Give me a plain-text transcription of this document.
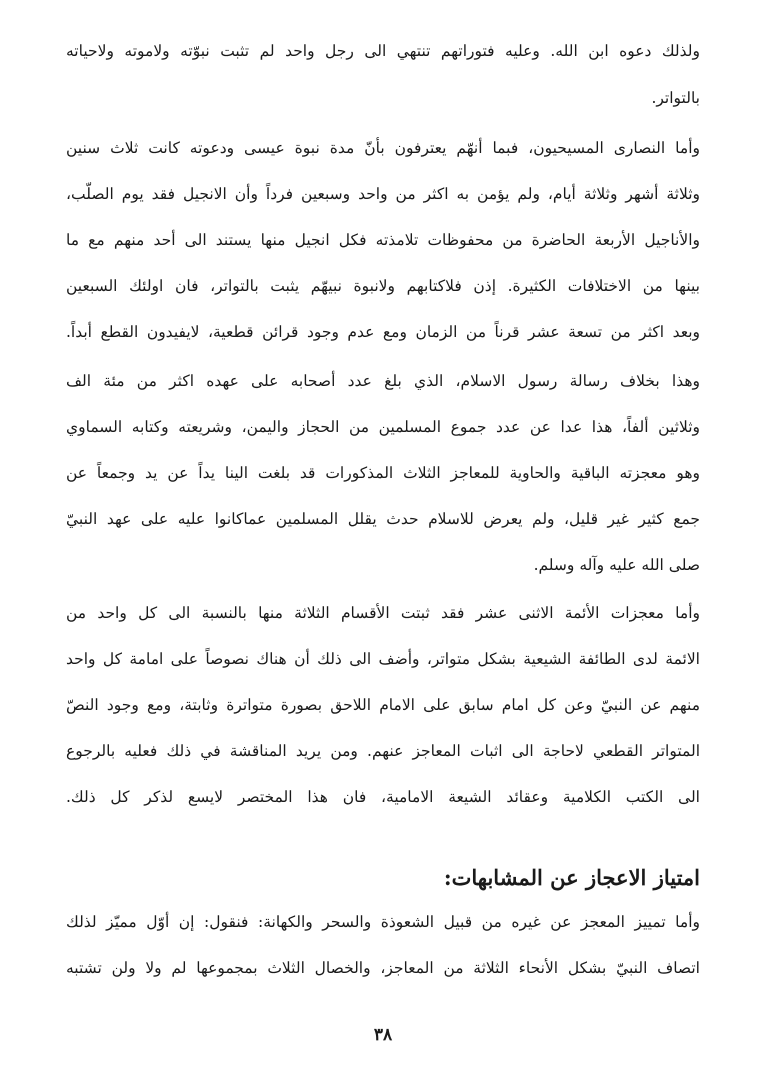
ولذلك دعوه ابن الله. وعليه فتوراتهم تنتهي الى رجل واحد لم تثبت نبوّته ولاموته ولاحياته
بالتواتر.
وأما النصارى المسيحيون، فبما أنهّم يعترفون بأنّ مدة نبوة عيسى ودعوته كانت ثلاث سنين
وثلاثة أشهر وثلاثة أيام، ولم يؤمن به اكثر من واحد وسبعين فرداً وأن الانجيل فقد يوم الصلّب،
والأناجيل الأربعة الحاضرة من محفوظات تلامذته فكل انجيل منها يستند الى أحد منهم مع ما
بينها من الاختلافات الكثيرة. إذن فلاكتابهم ولانبوة نبيهّم يثبت بالتواتر، فان اولئك السبعين
وبعد اكثر من تسعة عشر قرناً من الزمان ومع عدم وجود قرائن قطعية، لايفيدون القطع أبداً.
وهذا بخلاف رسالة رسول الاسلام، الذي بلغ عدد أصحابه على عهده اكثر من مئة الف
وثلاثين ألفاً، هذا عدا عن عدد جموع المسلمين من الحجاز واليمن، وشريعته وكتابه السماوي
وهو معجزته الباقية والحاوية للمعاجز الثلاث المذكورات قد بلغت الينا يداً عن يد وجمعاً عن
جمع كثير غير قليل، ولم يعرض للاسلام حدث يقلل المسلمين عماكانوا عليه على عهد النبيّ
صلى الله عليه وآله وسلم.
وأما معجزات الأئمة الاثنى عشر فقد ثبتت الأقسام الثلاثة منها بالنسبة الى كل واحد من
الائمة لدى الطائفة الشيعية بشكل متواتر، وأضف الى ذلك أن هناك نصوصاً على امامة كل واحد
منهم عن النبيّ وعن كل امام سابق على الامام اللاحق بصورة متواترة وثابتة، ومع وجود النصّ
المتواتر القطعي لاحاجة الى اثبات المعاجز عنهم. ومن يريد المناقشة في ذلك فعليه بالرجوع
الى الكتب الكلامية وعقائد الشيعة الامامية، فان هذا المختصر لايسع لذكر كل ذلك.
امتياز الاعجاز عن المشابهات:
وأما تمييز المعجز عن غيره من قبيل الشعوذة والسحر والكهانة: فنقول: إن أوّل مميّز لذلك
اتصاف النبيّ بشكل الأنحاء الثلاثة من المعاجز، والخصال الثلاث بمجموعها لم ولا ولن تشتبه
٣٨
